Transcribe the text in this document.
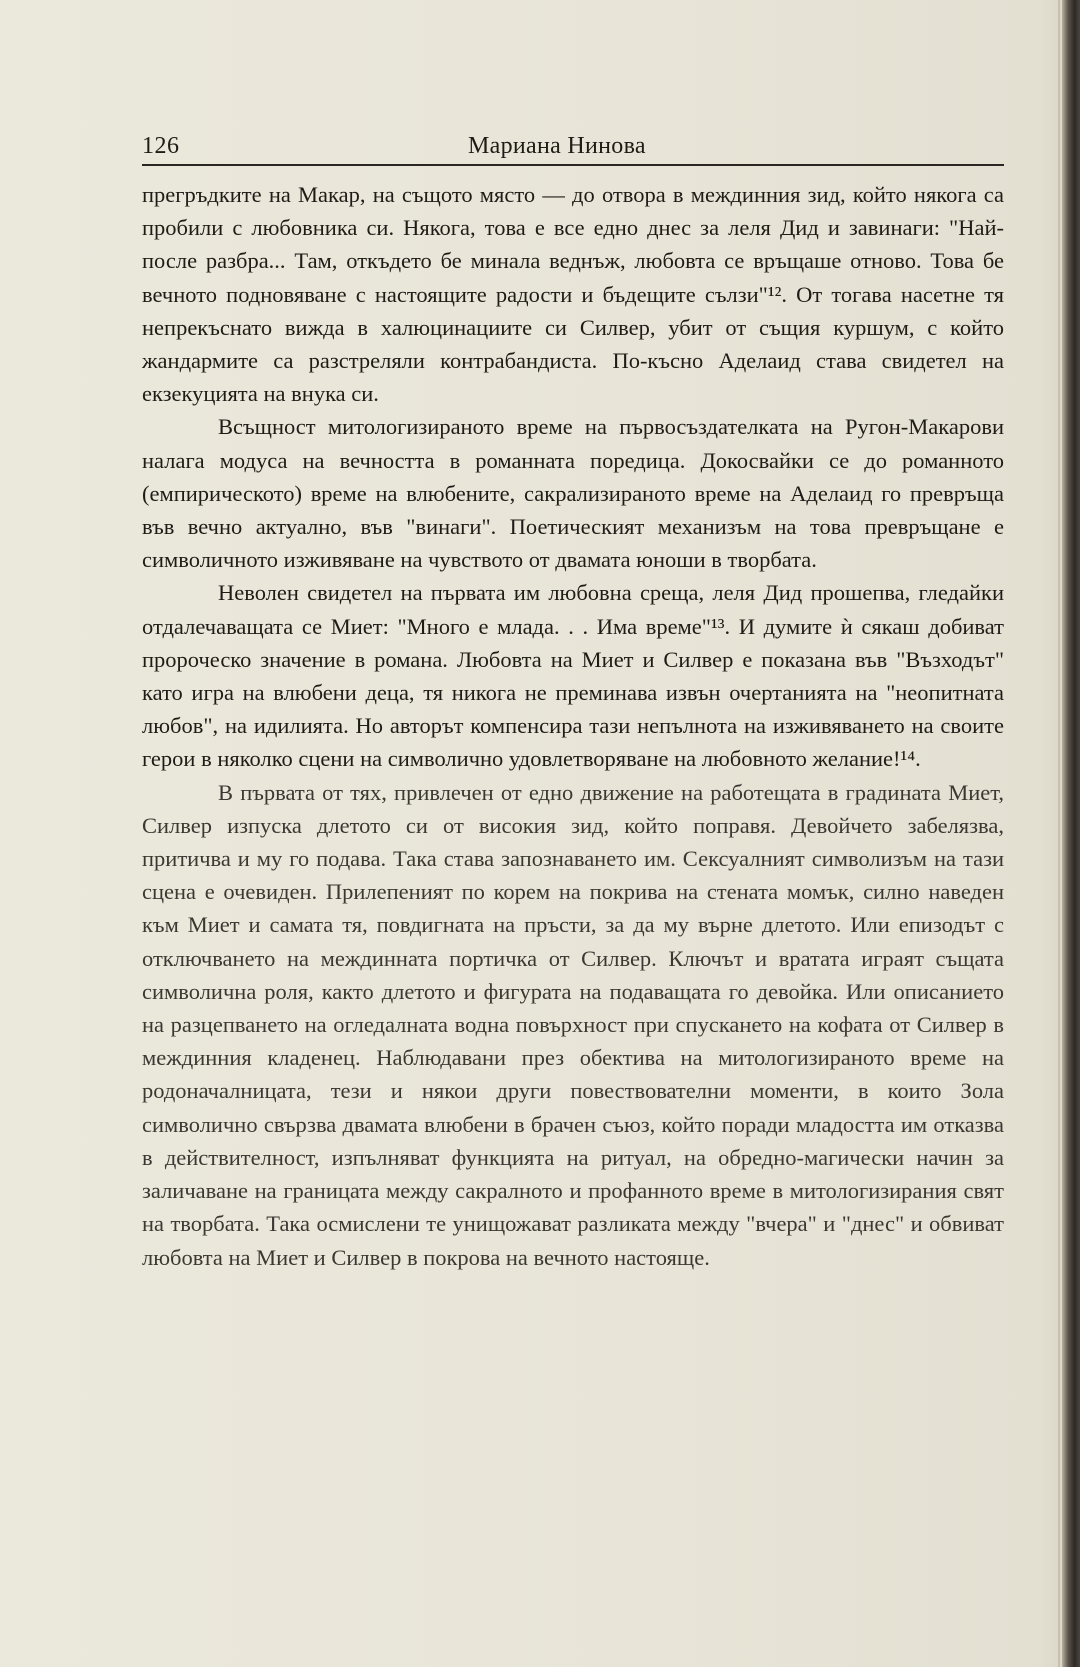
126	Мариана Нинова

прегръдките на Макар, на същото място — до отвора в междинния зид, който някога са пробили с любовника си. Някога, това е все едно днес за леля Дид и завинаги: "Най-после разбра... Там, откъдето бе минала веднъж, любовта се връщаше отново. Това бе вечното подновяване с настоящите радости и бъдещите сълзи"¹². От тогава насетне тя непрекъснато вижда в халюцинациите си Силвер, убит от същия куршум, с който жандармите са разстреляли контрабандиста. По-късно Аделаид става свидетел на екзекуцията на внука си.

Всъщност митологизираното време на първосъздателката на Ругон-Макарови налага модуса на вечността в романната поредица. Докосвайки се до романното (емпирическото) време на влюбените, сакрализираното време на Аделаид го превръща във вечно актуално, във "винаги". Поетическият механизъм на това превръщане е символичното изживяване на чувството от двамата юноши в творбата.

Неволен свидетел на първата им любовна среща, леля Дид прошепва, гледайки отдалечаващата се Миет: "Много е млада. . . Има време"¹³. И думите ѝ сякаш добиват пророческо значение в романа. Любовта на Миет и Силвер е показана във "Възходът" като игра на влюбени деца, тя никога не преминава извън очертанията на "неопитната любов", на идилията. Но авторът компенсира тази непълнота на изживяването на своите герои в няколко сцени на символично удовлетворяване на любовното желание!¹⁴.

В първата от тях, привлечен от едно движение на работещата в градината Миет, Силвер изпуска длетото си от високия зид, който поправя. Девойчето забелязва, притичва и му го подава. Така става запознаването им. Сексуалният символизъм на тази сцена е очевиден. Прилепеният по корем на покрива на стената момък, силно наведен към Миет и самата тя, повдигната на пръсти, за да му върне длетото. Или епизодът с отключването на междинната портичка от Силвер. Ключът и вратата играят същата символична роля, както длетото и фигурата на подаващата го девойка. Или описанието на разцепването на огледалната водна повърхност при спускането на кофата от Силвер в междинния кладенец. Наблюдавани през обектива на митологизираното време на родоначалницата, тези и някои други повествователни моменти, в които Зола символично свързва двамата влюбени в брачен съюз, който поради младостта им отказва в действителност, изпълняват функцията на ритуал, на обредно-магически начин за заличаване на границата между сакралното и профанното време в митологизирания свят на творбата. Така осмислени те унищожават разликата между "вчера" и "днес" и обвиват любовта на Миет и Силвер в покрова на вечното настояще.
